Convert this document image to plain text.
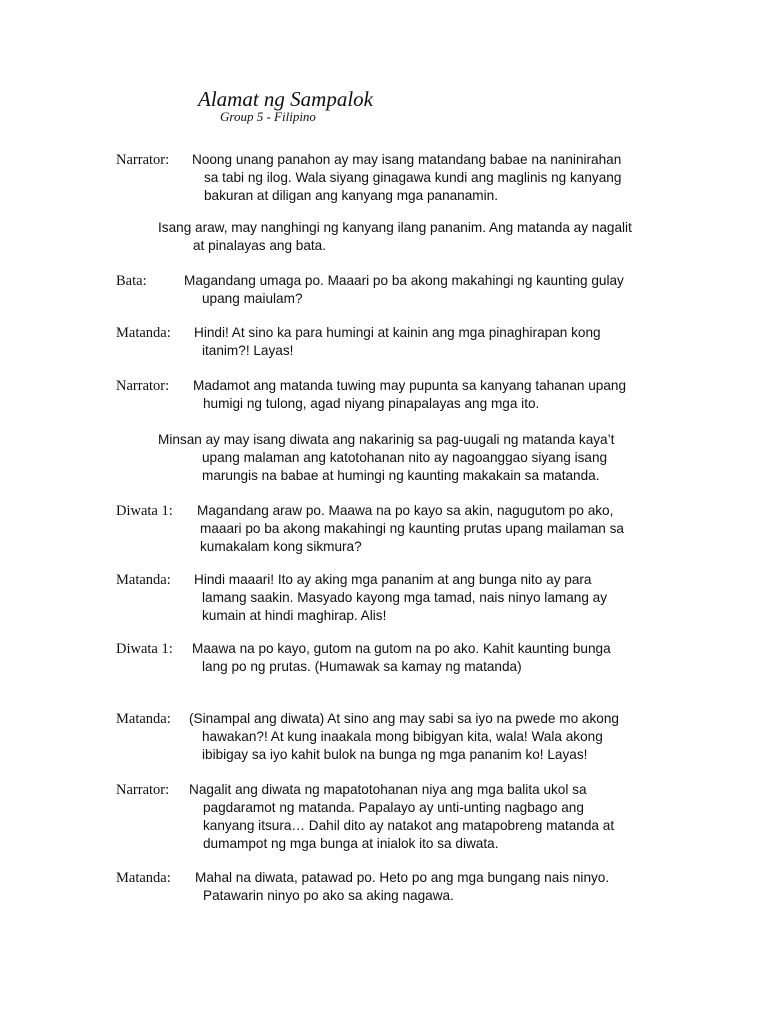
Alamat ng Sampalok
Group 5 - Filipino
Narrator: Noong unang panahon ay may isang matandang babae na naninirahan
sa tabi ng ilog. Wala siyang ginagawa kundi ang maglinis ng kanyang
bakuran at diligan ang kanyang mga pananamin.
Isang araw, may nanghingi ng kanyang ilang pananim. Ang matanda ay nagalit
at pinalayas ang bata.
Bata:	Magandang umaga po. Maaari po ba akong makahingi ng kaunting gulay
upang maiulam?
Matanda: Hindi! At sino ka para humingi at kainin ang mga pinaghirapan kong
itanim?! Layas!
Narrator: Madamot ang matanda tuwing may pupunta sa kanyang tahanan upang
humigi ng tulong, agad niyang pinapalayas ang mga ito.
Minsan ay may isang diwata ang nakarinig sa pag-uugali ng matanda kaya’t
upang malaman ang katotohanan nito ay nagoanggao siyang isang
marungis na babae at humingi ng kaunting makakain sa matanda.
Diwata 1: Magandang araw po. Maawa na po kayo sa akin, nagugutom po ako,
maaari po ba akong makahingi ng kaunting prutas upang mailaman sa
kumakalam kong sikmura?
Matanda: Hindi maaari! Ito ay aking mga pananim at ang bunga nito ay para
lamang saakin. Masyado kayong mga tamad, nais ninyo lamang ay
kumain at hindi maghirap. Alis!
Diwata 1: Maawa na po kayo, gutom na gutom na po ako. Kahit kaunting bunga
lang po ng prutas. (Humawak sa kamay ng matanda)
Matanda: (Sinampal ang diwata) At sino ang may sabi sa iyo na pwede mo akong
hawakan?! At kung inaakala mong bibigyan kita, wala! Wala akong
ibibigay sa iyo kahit bulok na bunga ng mga pananim ko! Layas!
Narrator: Nagalit ang diwata ng mapatotohanan niya ang mga balita ukol sa
pagdaramot ng matanda. Papalayo ay unti-unting nagbago ang
kanyang itsura… Dahil dito ay natakot ang matapobreng matanda at
dumampot ng mga bunga at inialok ito sa diwata.
Matanda: Mahal na diwata, patawad po. Heto po ang mga bungang nais ninyo.
Patawarin ninyo po ako sa aking nagawa.
